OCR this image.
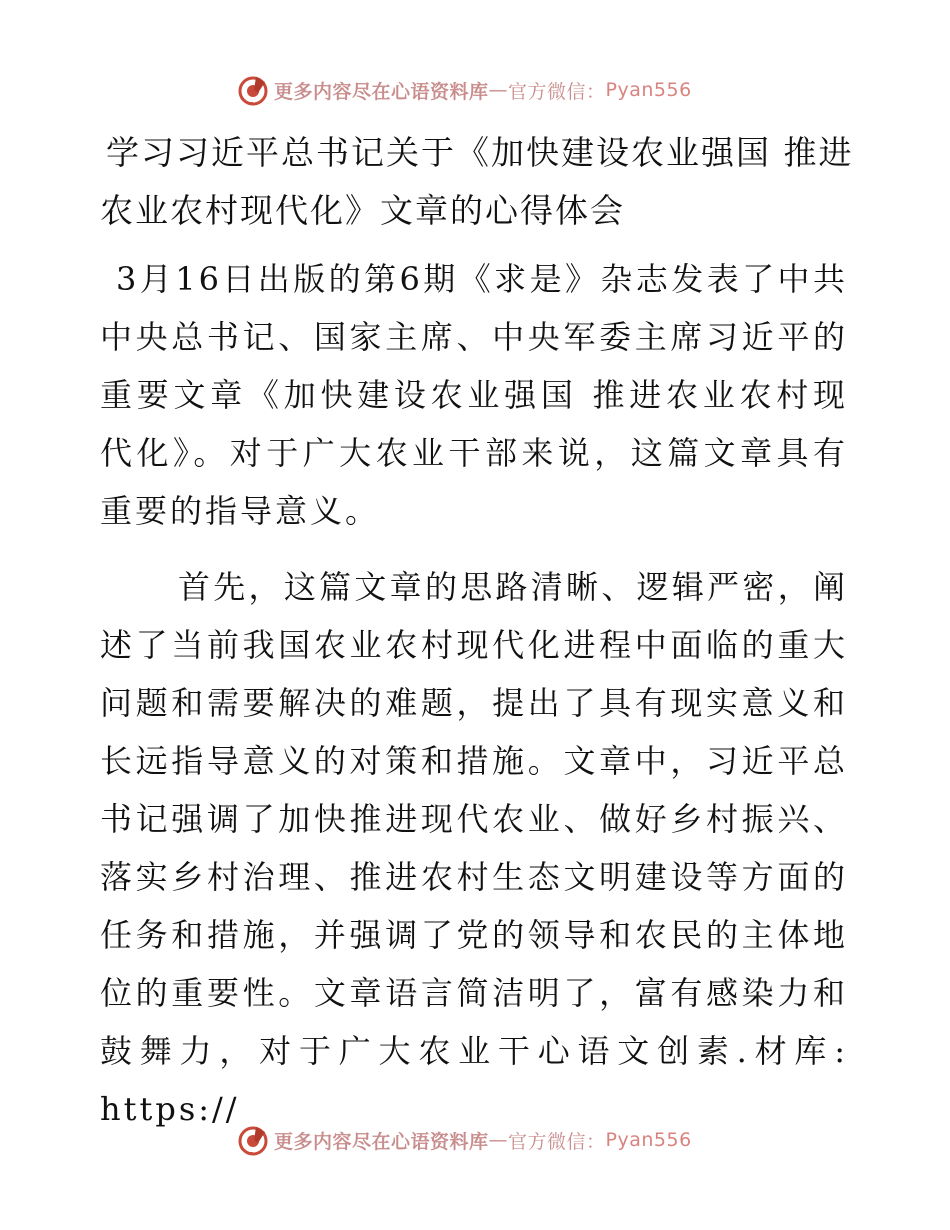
更多内容尽在心语资料库 — 官方微信： Pyan556
学习习近平总书记关于《加快建设农业强国 推进农业农村现代化》文章的心得体会

3月16日出版的第6期《求是》杂志发表了中共中央总书记、国家主席、中央军委主席习近平的重要文章《加快建设农业强国 推进农业农村现代化》。对于广大农业干部来说，这篇文章具有重要的指导意义。

首先，这篇文章的思路清晰、逻辑严密，阐述了当前我国农业农村现代化进程中面临的重大问题和需要解决的难题，提出了具有现实意义和长远指导意义的对策和措施。文章中，习近平总书记强调了加快推进现代农业、做好乡村振兴、落实乡村治理、推进农村生态文明建设等方面的任务和措施，并强调了党的领导和农民的主体地位的重要性。文章语言简洁明了，富有感染力和鼓舞力，对于广大农业干心语文创素.材库: https://

更多内容尽在心语资料库 — 官方微信： Pyan556
